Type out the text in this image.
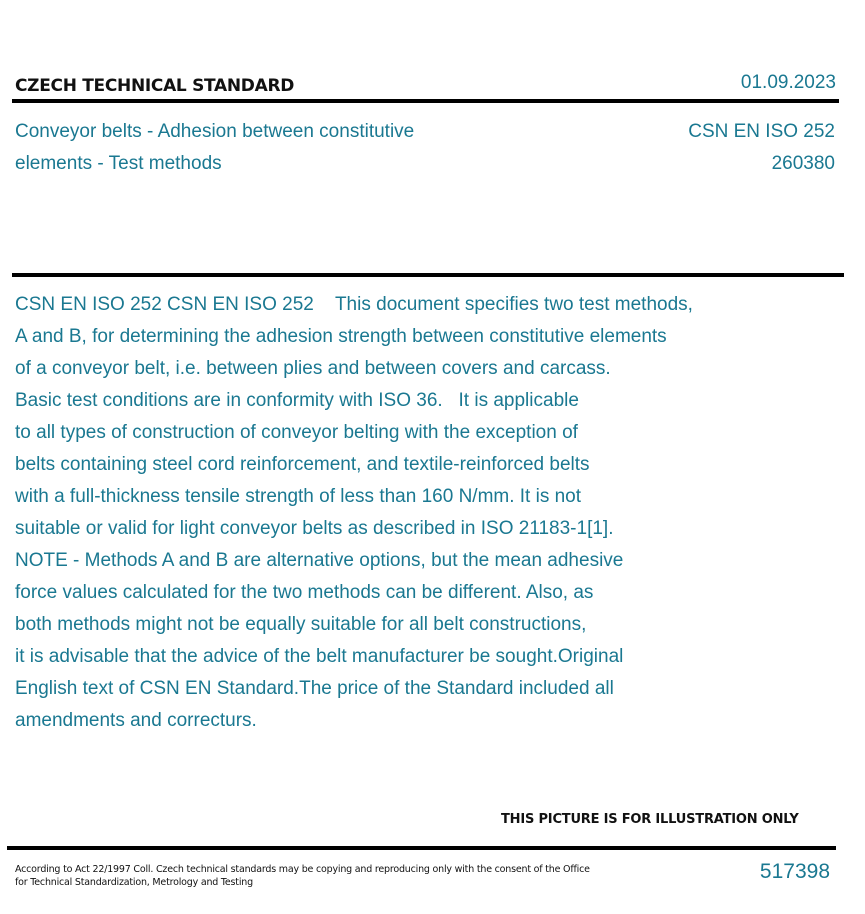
CZECH TECHNICAL STANDARD	01.09.2023
Conveyor belts - Adhesion between constitutive
elements - Test methods
CSN EN ISO 252
260380
CSN EN ISO 252 CSN EN ISO 252    This document specifies two test methods,
A and B, for determining the adhesion strength between constitutive elements
of a conveyor belt, i.e. between plies and between covers and carcass.
Basic test conditions are in conformity with ISO 36.   It is applicable
to all types of construction of conveyor belting with the exception of
belts containing steel cord reinforcement, and textile-reinforced belts
with a full-thickness tensile strength of less than 160 N/mm. It is not
suitable or valid for light conveyor belts as described in ISO 21183-1[1].
NOTE - Methods A and B are alternative options, but the mean adhesive
force values calculated for the two methods can be different. Also, as
both methods might not be equally suitable for all belt constructions,
it is advisable that the advice of the belt manufacturer be sought.Original
English text of CSN EN Standard.The price of the Standard included all
amendments and correcturs.
THIS PICTURE IS FOR ILLUSTRATION ONLY
According to Act 22/1997 Coll. Czech technical standards may be copying and reproducing only with the consent of the Office
for Technical Standardization, Metrology and Testing	517398
